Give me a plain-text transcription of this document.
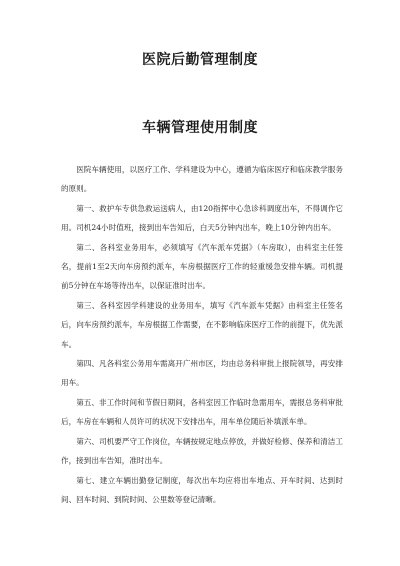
医院后勤管理制度
车辆管理使用制度

医院车辆使用，以医疗工作、学科建设为中心，遵循为临床医疗和临床教学服务的原则。

第一、救护车专供急救运送病人，由120指挥中心急诊科调度出车，不得调作它用。司机24小时值班，接到出车告知后，白天5分钟内出车，晚上10分钟内出车。

第二、各科室业务用车，必须填写《汽车派车凭据》（车房取），由科室主任签名，提前1至2天向车房预约派车，车房根据医疗工作的轻重缓急安排车辆。司机提前5分钟在车场等待出车，以保证准时出车。

第三、各科室因学科建设的业务用车，填写《汽车派车凭据》由科室主任签名后，向车房预约派车，车房根据工作需要，在不影响临床医疗工作的前提下，优先派车。

第四、凡各科室公务用车需离开广州市区，均由总务科审批上报院领导，再安排用车。

第五、非工作时间和节假日期间，各科室因工作临时急需用车，需报总务科审批后，车房在车辆和人员许可的状况下安排出车，用车单位随后补填派车单。

第六、司机要严守工作岗位，车辆按规定地点停放，并做好检修、保养和清洁工作，接到出车告知，准时出车。

第七、建立车辆出勤登记制度，每次出车均应将出车地点、开车时间、达到时间、回车时间、到院时间、公里数等登记清晰。
